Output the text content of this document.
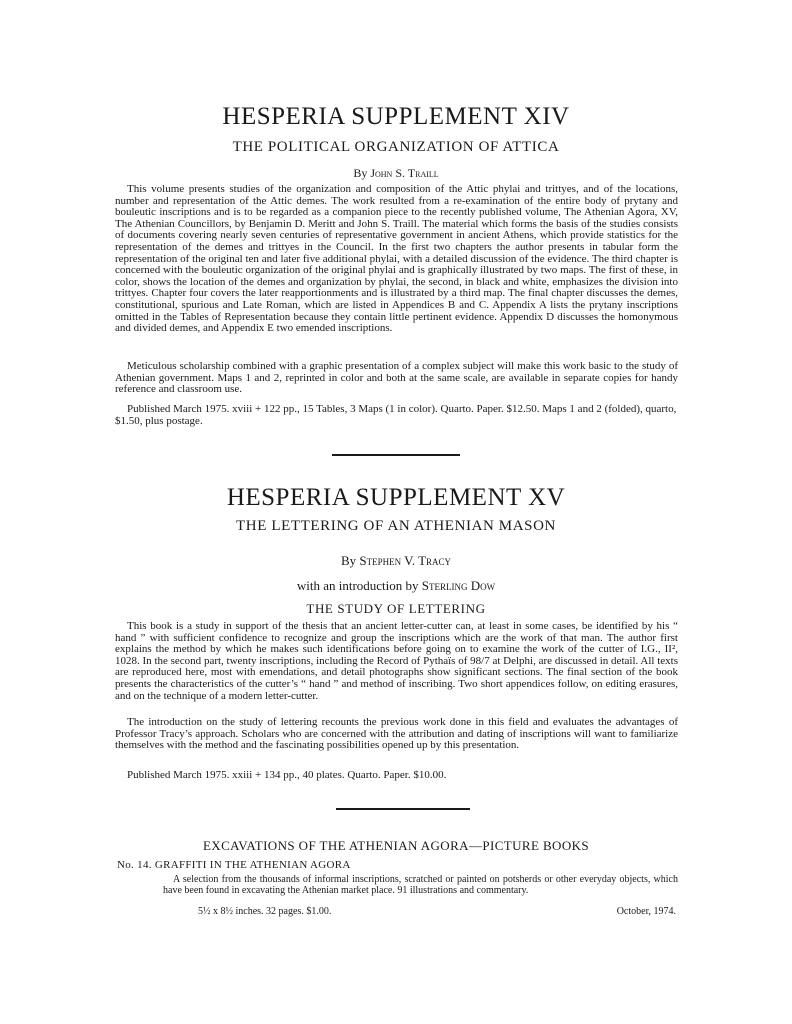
HESPERIA SUPPLEMENT XIV
THE POLITICAL ORGANIZATION OF ATTICA
By John S. Traill

This volume presents studies of the organization and composition of the Attic phylai and trittyes, and of the locations, number and representation of the Attic demes. The work resulted from a re-examination of the entire body of prytany and bouleutic inscriptions and is to be regarded as a companion piece to the recently published volume, The Athenian Agora, XV, The Athenian Councillors, by Benjamin D. Meritt and John S. Traill. The material which forms the basis of the studies consists of documents covering nearly seven centuries of representative government in ancient Athens, which provide statistics for the representation of the demes and trittyes in the Council. In the first two chapters the author presents in tabular form the representation of the original ten and later five additional phylai, with a detailed discussion of the evidence. The third chapter is concerned with the bouleutic organization of the original phylai and is graphically illustrated by two maps. The first of these, in color, shows the location of the demes and organization by phylai, the second, in black and white, emphasizes the division into trittyes. Chapter four covers the later reapportionments and is illustrated by a third map. The final chapter discusses the demes, constitutional, spurious and Late Roman, which are listed in Appendices B and C. Appendix A lists the prytany inscriptions omitted in the Tables of Representation because they contain little pertinent evidence. Appendix D discusses the homonymous and divided demes, and Appendix E two emended inscriptions.

Meticulous scholarship combined with a graphic presentation of a complex subject will make this work basic to the study of Athenian government. Maps 1 and 2, reprinted in color and both at the same scale, are available in separate copies for handy reference and classroom use.

Published March 1975. xviii + 122 pp., 15 Tables, 3 Maps (1 in color). Quarto. Paper. $12.50. Maps 1 and 2 (folded), quarto, $1.50, plus postage.

HESPERIA SUPPLEMENT XV
THE LETTERING OF AN ATHENIAN MASON
By Stephen V. Tracy
with an introduction by Sterling Dow
THE STUDY OF LETTERING

This book is a study in support of the thesis that an ancient letter-cutter can, at least in some cases, be identified by his “ hand ” with sufficient confidence to recognize and group the inscriptions which are the work of that man. The author first explains the method by which he makes such identifications before going on to examine the work of the cutter of I.G., II², 1028. In the second part, twenty inscriptions, including the Record of Pythaïs of 98/7 at Delphi, are discussed in detail. All texts are reproduced here, most with emendations, and detail photographs show significant sections. The final section of the book presents the characteristics of the cutter’s “ hand ” and method of inscribing. Two short appendices follow, on editing erasures, and on the technique of a modern letter-cutter.

The introduction on the study of lettering recounts the previous work done in this field and evaluates the advantages of Professor Tracy’s approach. Scholars who are concerned with the attribution and dating of inscriptions will want to familiarize themselves with the method and the fascinating possibilities opened up by this presentation.

Published March 1975. xxiii + 134 pp., 40 plates. Quarto. Paper. $10.00.

EXCAVATIONS OF THE ATHENIAN AGORA—PICTURE BOOKS
No. 14. GRAFFITI IN THE ATHENIAN AGORA

A selection from the thousands of informal inscriptions, scratched or painted on potsherds or other everyday objects, which have been found in excavating the Athenian market place. 91 illustrations and commentary.

5½ x 8½ inches. 32 pages. $1.00.	October, 1974.
